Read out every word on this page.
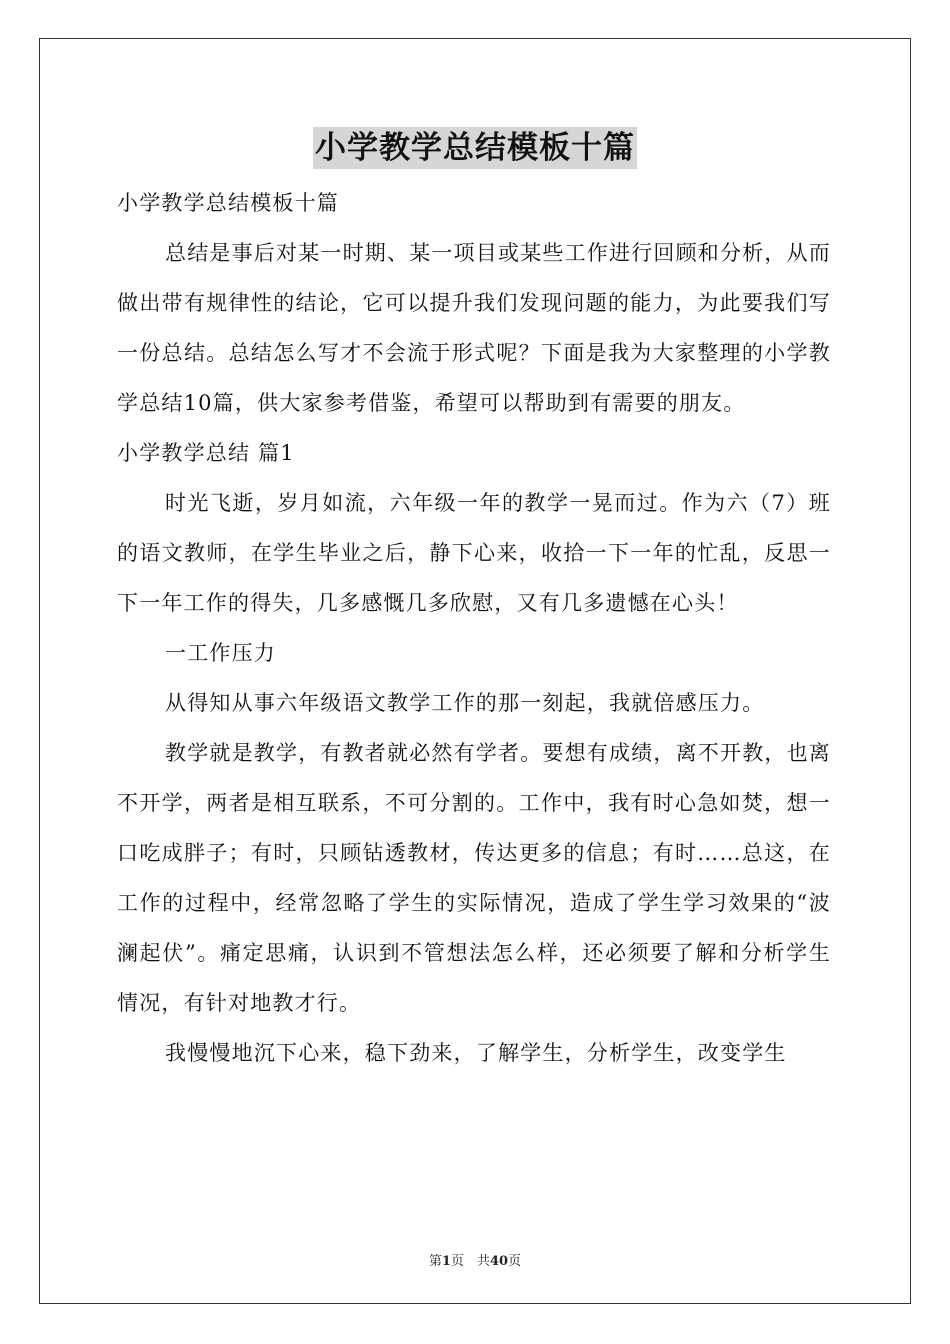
小学教学总结模板十篇

小学教学总结模板十篇

总结是事后对某一时期、某一项目或某些工作进行回顾和分析，从而做出带有规律性的结论，它可以提升我们发现问题的能力，为此要我们写一份总结。总结怎么写才不会流于形式呢？下面是我为大家整理的小学教学总结10篇，供大家参考借鉴，希望可以帮助到有需要的朋友。

小学教学总结 篇1

时光飞逝，岁月如流，六年级一年的教学一晃而过。作为六（7）班的语文教师，在学生毕业之后，静下心来，收拾一下一年的忙乱，反思一下一年工作的得失，几多感慨几多欣慰，又有几多遗憾在心头！

一工作压力

从得知从事六年级语文教学工作的那一刻起，我就倍感压力。

教学就是教学，有教者就必然有学者。要想有成绩，离不开教，也离不开学，两者是相互联系，不可分割的。工作中，我有时心急如焚，想一口吃成胖子；有时，只顾钻透教材，传达更多的信息；有时……总这，在工作的过程中，经常忽略了学生的实际情况，造成了学生学习效果的“波澜起伏”。痛定思痛，认识到不管想法怎么样，还必须要了解和分析学生情况，有针对地教才行。

我慢慢地沉下心来，稳下劲来，了解学生，分析学生，改变学生

第1页　共40页
